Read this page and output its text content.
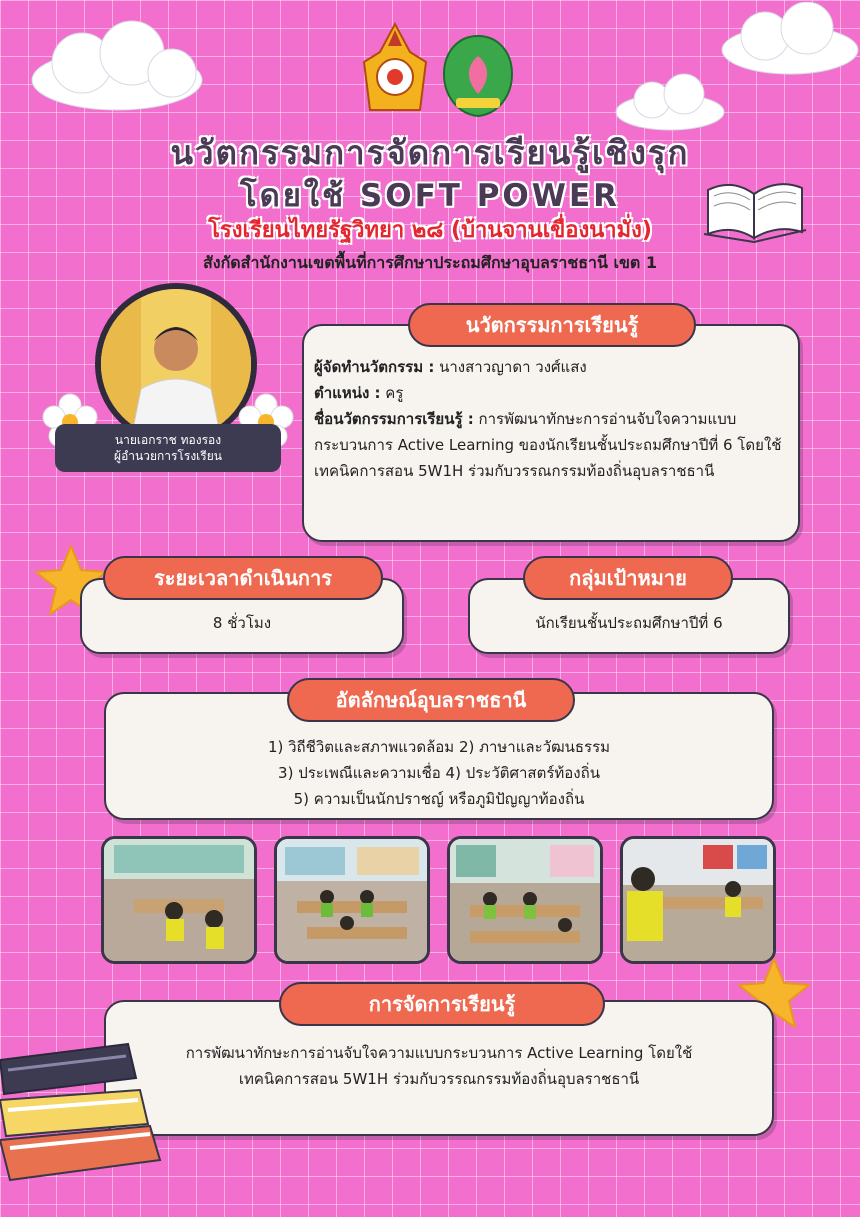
นวัตกรรมการจัดการเรียนรู้เชิงรุก
โดยใช้ SOFT POWER
โรงเรียนไทยรัฐวิทยา ๒๘ (บ้านจานเขื่องนามั่ง)
สังกัดสำนักงานเขตพื้นที่การศึกษาประถมศึกษาอุบลราชธานี เขต 1
นายเอกราช ทองรอง
ผู้อำนวยการโรงเรียน
ผู้จัดทำนวัตกรรม : นางสาวญาดา วงศ์แสง
ตำแหน่ง : ครู
ชื่อนวัตกรรมการเรียนรู้ : การพัฒนาทักษะการอ่านจับใจความแบบกระบวนการ Active Learning ของนักเรียนชั้นประถมศึกษาปีที่ 6 โดยใช้เทคนิคการสอน 5W1H ร่วมกับวรรณกรรมท้องถิ่นอุบลราชธานี
นวัตกรรมการเรียนรู้
8 ชั่วโมง
ระยะเวลาดำเนินการ
นักเรียนชั้นประถมศึกษาปีที่ 6
กลุ่มเป้าหมาย
1) วิถีชีวิตและสภาพแวดล้อม 2) ภาษาและวัฒนธรรม
3) ประเพณีและความเชื่อ 4) ประวัติศาสตร์ท้องถิ่น
5) ความเป็นนักปราชญ์ หรือภูมิปัญญาท้องถิ่น
อัตลักษณ์อุบลราชธานี
การพัฒนาทักษะการอ่านจับใจความแบบกระบวนการ Active Learning โดยใช้
เทคนิคการสอน 5W1H ร่วมกับวรรณกรรมท้องถิ่นอุบลราชธานี
การจัดการเรียนรู้
